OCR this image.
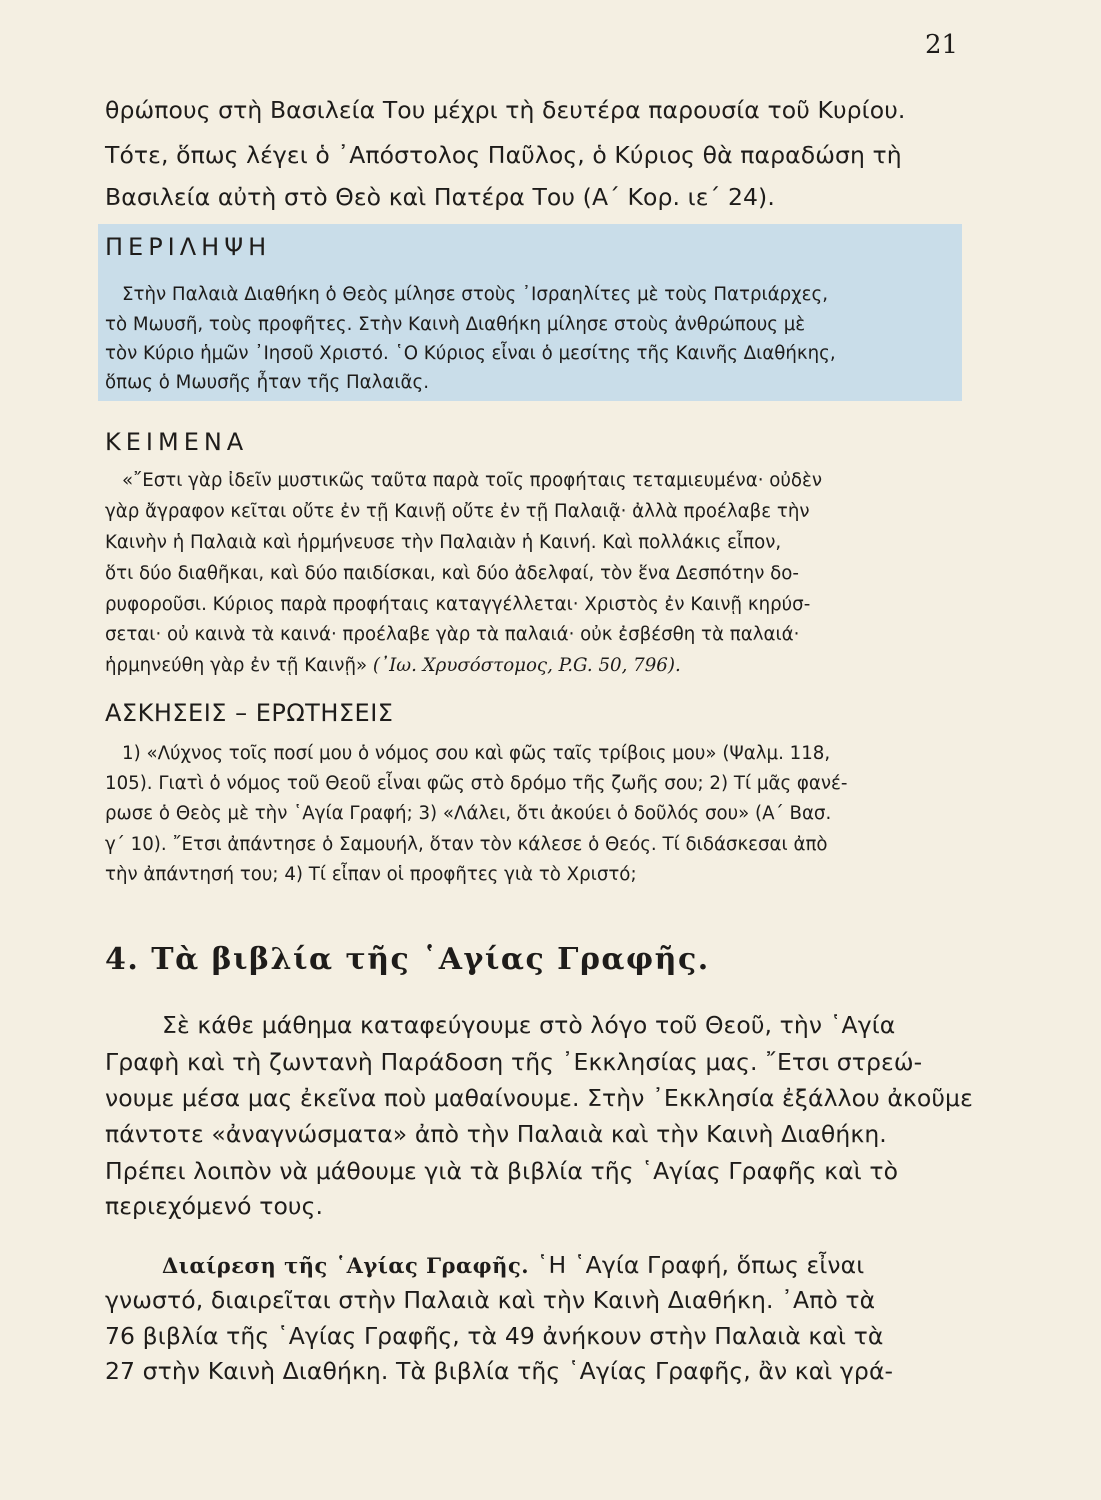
21
θρώπους στὴ Βασιλεία Του μέχρι τὴ δευτέρα παρουσία τοῦ Κυρίου.
Τότε, ὅπως λέγει ὁ ᾿Απόστολος Παῦλος, ὁ Κύριος θὰ παραδώση τὴ
Βασιλεία αὐτὴ στὸ Θεὸ καὶ Πατέρα Του (Α΄ Κορ. ιε΄ 24).
ΠΕΡΙΛΗΨΗ
Στὴν Παλαιὰ Διαθήκη ὁ Θεὸς μίλησε στοὺς ᾿Ισραηλίτες μὲ τοὺς Πατριάρχες,
τὸ Μωυσῆ, τοὺς προφῆτες. Στὴν Καινὴ Διαθήκη μίλησε στοὺς ἀνθρώπους μὲ
τὸν Κύριο ἡμῶν ᾿Ιησοῦ Χριστό. ῾Ο Κύριος εἶναι ὁ μεσίτης τῆς Καινῆς Διαθήκης,
ὅπως ὁ Μωυσῆς ἦταν τῆς Παλαιᾶς.
ΚΕΙΜΕΝΑ
«῎Εστι γὰρ ἰδεῖν μυστικῶς ταῦτα παρὰ τοῖς προφήταις τεταμιευμένα· οὐδὲν
γὰρ ἄγραφον κεῖται οὔτε ἐν τῇ Καινῇ οὔτε ἐν τῇ Παλαιᾷ· ἀλλὰ προέλαβε τὴν
Καινὴν ἡ Παλαιὰ καὶ ἡρμήνευσε τὴν Παλαιὰν ἡ Καινή. Καὶ πολλάκις εἶπον,
ὅτι δύο διαθῆκαι, καὶ δύο παιδίσκαι, καὶ δύο ἀδελφαί, τὸν ἕνα Δεσπότην δο-
ρυφοροῦσι. Κύριος παρὰ προφήταις καταγγέλλεται· Χριστὸς ἐν Καινῇ κηρύσ-
σεται· οὐ καινὰ τὰ καινά· προέλαβε γὰρ τὰ παλαιά· οὐκ ἐσβέσθη τὰ παλαιά·
ἡρμηνεύθη γὰρ ἐν τῇ Καινῇ» (᾿Ιω. Χρυσόστομος, P.G. 50, 796).
ΑΣΚΗΣΕΙΣ – ΕΡΩΤΗΣΕΙΣ
1) «Λύχνος τοῖς ποσί μου ὁ νόμος σου καὶ φῶς ταῖς τρίβοις μου» (Ψαλμ. 118,
105). Γιατὶ ὁ νόμος τοῦ Θεοῦ εἶναι φῶς στὸ δρόμο τῆς ζωῆς σου; 2) Τί μᾶς φανέ-
ρωσε ὁ Θεὸς μὲ τὴν ῾Αγία Γραφή; 3) «Λάλει, ὅτι ἀκούει ὁ δοῦλός σου» (Α΄ Βασ.
γ΄ 10). ῎Ετσι ἀπάντησε ὁ Σαμουήλ, ὅταν τὸν κάλεσε ὁ Θεός. Τί διδάσκεσαι ἀπὸ
τὴν ἀπάντησή του; 4) Τί εἶπαν οἱ προφῆτες γιὰ τὸ Χριστό;
4. Τὰ βιβλία τῆς ῾Αγίας Γραφῆς.
Σὲ κάθε μάθημα καταφεύγουμε στὸ λόγο τοῦ Θεοῦ, τὴν ῾Αγία
Γραφὴ καὶ τὴ ζωντανὴ Παράδοση τῆς ᾿Εκκλησίας μας. ῎Ετσι στρεώ-
νουμε μέσα μας ἐκεῖνα ποὺ μαθαίνουμε. Στὴν ᾿Εκκλησία ἐξάλλου ἀκοῦμε
πάντοτε «ἀναγνώσματα» ἀπὸ τὴν Παλαιὰ καὶ τὴν Καινὴ Διαθήκη.
Πρέπει λοιπὸν νὰ μάθουμε γιὰ τὰ βιβλία τῆς ῾Αγίας Γραφῆς καὶ τὸ
περιεχόμενό τους.
Διαίρεση τῆς ῾Αγίας Γραφῆς. ῾Η ῾Αγία Γραφή, ὅπως εἶναι
γνωστό, διαιρεῖται στὴν Παλαιὰ καὶ τὴν Καινὴ Διαθήκη. ᾿Απὸ τὰ
76 βιβλία τῆς ῾Αγίας Γραφῆς, τὰ 49 ἀνήκουν στὴν Παλαιὰ καὶ τὰ
27 στὴν Καινὴ Διαθήκη. Τὰ βιβλία τῆς ῾Αγίας Γραφῆς, ἂν καὶ γρά-
